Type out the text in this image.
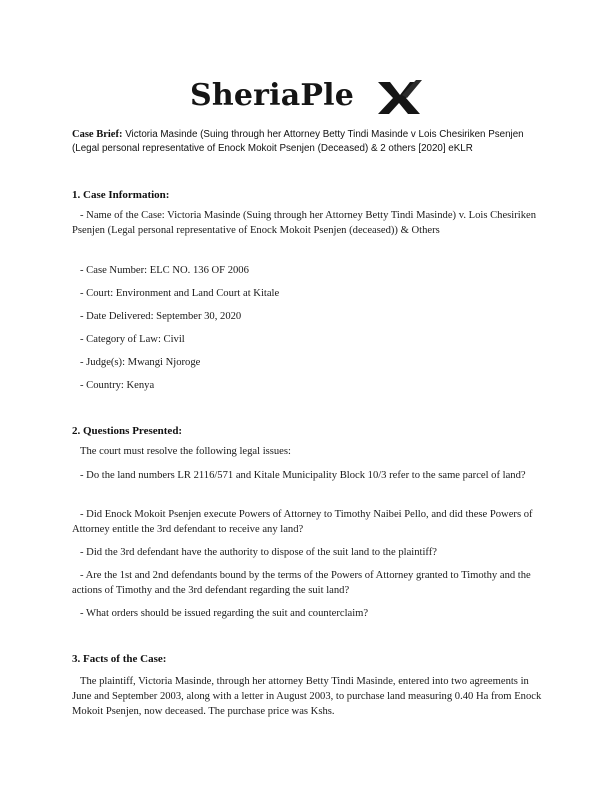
SheriaPle
Case Brief: Victoria Masinde (Suing through her Attorney Betty Tindi Masinde v Lois Chesiriken Psenjen (Legal personal representative of Enock Mokoit Psenjen (Deceased) & 2 others [2020] eKLR
1. Case Information:
- Name of the Case: Victoria Masinde (Suing through her Attorney Betty Tindi Masinde) v. Lois Chesiriken Psenjen (Legal personal representative of Enock Mokoit Psenjen (deceased)) & Others
- Case Number: ELC NO. 136 OF 2006
- Court: Environment and Land Court at Kitale
- Date Delivered: September 30, 2020
- Category of Law: Civil
- Judge(s): Mwangi Njoroge
- Country: Kenya
2. Questions Presented:
The court must resolve the following legal issues:
- Do the land numbers LR 2116/571 and Kitale Municipality Block 10/3 refer to the same parcel of land?
- Did Enock Mokoit Psenjen execute Powers of Attorney to Timothy Naibei Pello, and did these Powers of Attorney entitle the 3rd defendant to receive any land?
- Did the 3rd defendant have the authority to dispose of the suit land to the plaintiff?
- Are the 1st and 2nd defendants bound by the terms of the Powers of Attorney granted to Timothy and the actions of Timothy and the 3rd defendant regarding the suit land?
- What orders should be issued regarding the suit and counterclaim?
3. Facts of the Case:
The plaintiff, Victoria Masinde, through her attorney Betty Tindi Masinde, entered into two agreements in June and September 2003, along with a letter in August 2003, to purchase land measuring 0.40 Ha from Enock Mokoit Psenjen, now deceased. The purchase price was Kshs.
